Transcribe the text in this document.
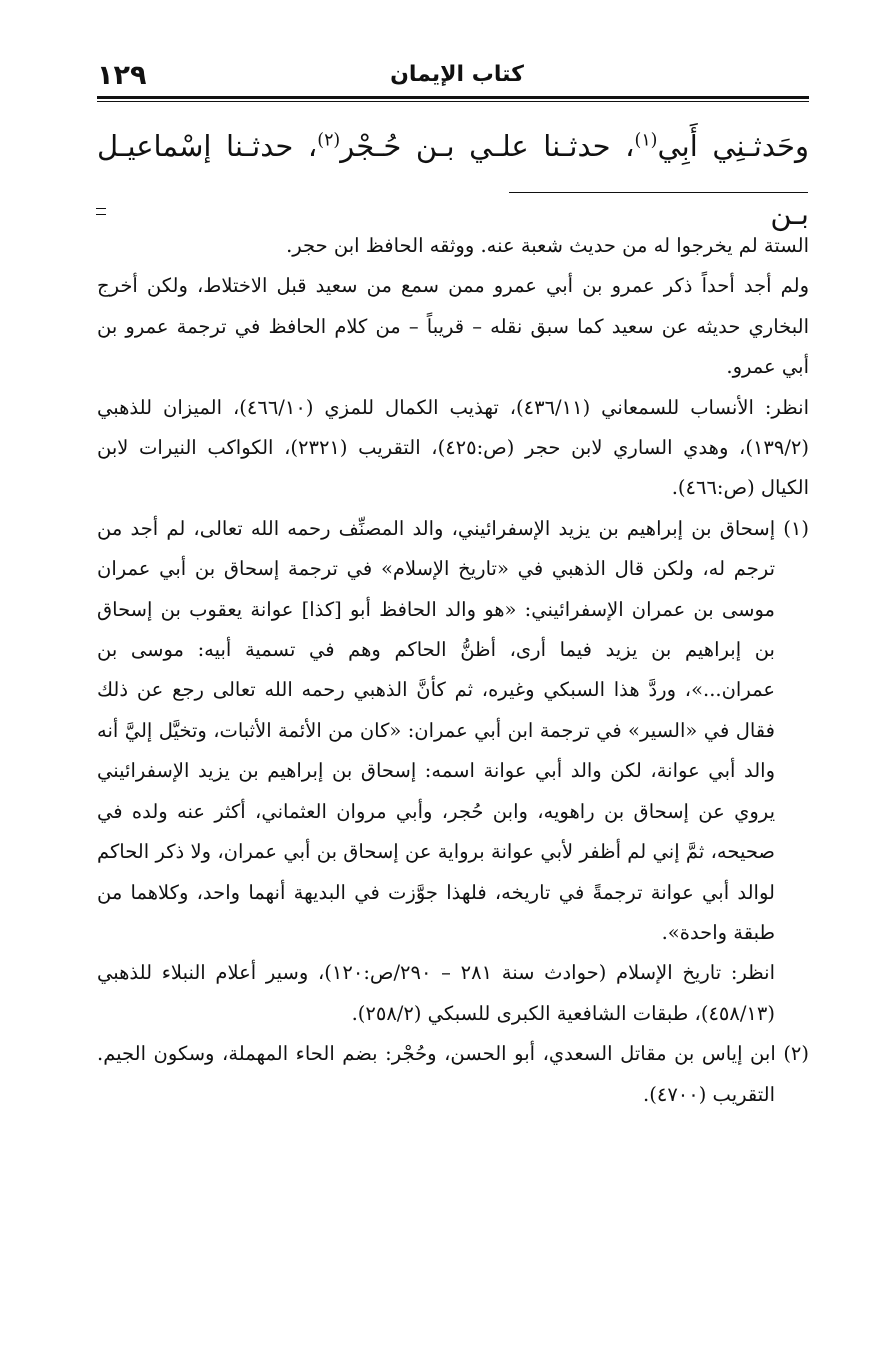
١٢٩	كتاب الإيمان

وحَدثـنِي أَبِي$^{(١)}$، حدثـنا علـي بـن حُـجْر$^{(٢)}$، حدثـنا إسْماعيـل بـن

الستة لم يخرجوا له من حديث شعبة عنه. ووثقه الحافظ ابن حجر.

ولم أجد أحداً ذكر عمرو بن أبي عمرو ممن سمع من سعيد قبل الاختلاط، ولكن أخرج البخاري حديثه عن سعيد كما سبق نقله – قريباً – من كلام الحافظ في ترجمة عمرو بن أبي عمرو.

انظر: الأنساب للسمعاني (٤٣٦/١١)، تهذيب الكمال للمزي (٤٦٦/١٠)، الميزان للذهبي (١٣٩/٢)، وهدي الساري لابن حجر (ص:٤٢٥)، التقريب (٢٣٢١)، الكواكب النيرات لابن الكيال (ص:٤٦٦).

(١) إسحاق بن إبراهيم بن يزيد الإسفرائيني، والد المصنِّف رحمه الله تعالى، لم أجد من ترجم له، ولكن قال الذهبي في «تاريخ الإسلام» في ترجمة إسحاق بن أبي عمران موسى بن عمران الإسفرائيني: «هو والد الحافظ أبو [كذا] عوانة يعقوب بن إسحاق بن إبراهيم بن يزيد فيما أرى، أظنُّ الحاكم وهم في تسمية أبيه: موسى بن عمران...»، وردَّ هذا السبكي وغيره، ثم كأنَّ الذهبي رحمه الله تعالى رجع عن ذلك فقال في «السير» في ترجمة ابن أبي عمران: «كان من الأئمة الأثبات، وتخيَّل إليَّ أنه والد أبي عوانة، لكن والد أبي عوانة اسمه: إسحاق بن إبراهيم بن يزيد الإسفرائيني يروي عن إسحاق بن راهويه، وابن حُجر، وأبي مروان العثماني، أكثر عنه ولده في صحيحه، ثمَّ إني لم أظفر لأبي عوانة برواية عن إسحاق بن أبي عمران، ولا ذكر الحاكم لوالد أبي عوانة ترجمةً في تاريخه، فلهذا جوَّزت في البديهة أنهما واحد، وكلاهما من طبقة واحدة».

انظر: تاريخ الإسلام (حوادث سنة ٢٨١ – ٢٩٠/ص:١٢٠)، وسير أعلام النبلاء للذهبي (٤٥٨/١٣)، طبقات الشافعية الكبرى للسبكي (٢٥٨/٢).

(٢) ابن إياس بن مقاتل السعدي، أبو الحسن، وحُجْر: بضم الحاء المهملة، وسكون الجيم. التقريب (٤٧٠٠).
